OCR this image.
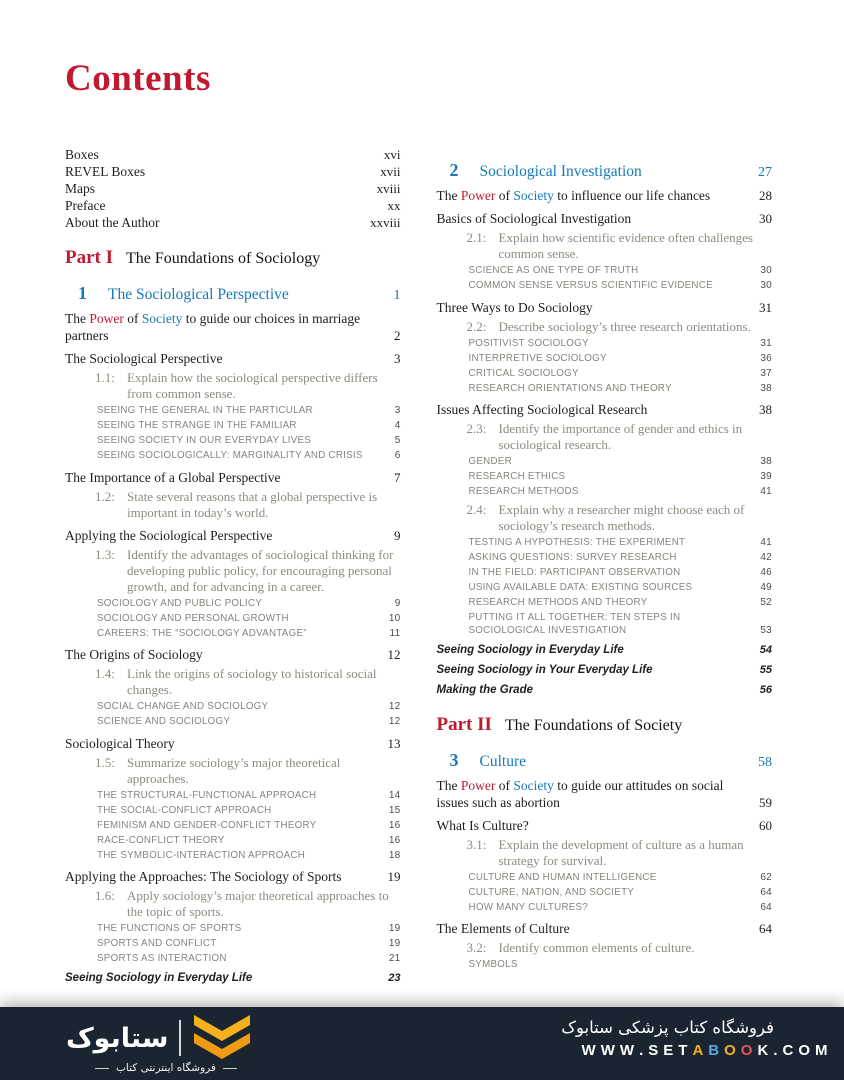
Contents
Boxes	xvi
REVEL Boxes	xvii
Maps	xviii
Preface	xx
About the Author	xxviii
Part I The Foundations of Sociology
1	The Sociological Perspective	1
The Power of Society to guide our choices in marriage partners	2
The Sociological Perspective	3
1.1: Explain how the sociological perspective differs from common sense.
SEEING THE GENERAL IN THE PARTICULAR	3
SEEING THE STRANGE IN THE FAMILIAR	4
SEEING SOCIETY IN OUR EVERYDAY LIVES	5
SEEING SOCIOLOGICALLY: MARGINALITY AND CRISIS	6
The Importance of a Global Perspective	7
1.2: State several reasons that a global perspective is important in today’s world.
Applying the Sociological Perspective	9
1.3: Identify the advantages of sociological thinking for developing public policy, for encouraging personal growth, and for advancing in a career.
SOCIOLOGY AND PUBLIC POLICY	9
SOCIOLOGY AND PERSONAL GROWTH	10
CAREERS: THE “SOCIOLOGY ADVANTAGE”	11
The Origins of Sociology	12
1.4: Link the origins of sociology to historical social changes.
SOCIAL CHANGE AND SOCIOLOGY	12
SCIENCE AND SOCIOLOGY	12
Sociological Theory	13
1.5: Summarize sociology’s major theoretical approaches.
THE STRUCTURAL-FUNCTIONAL APPROACH	14
THE SOCIAL-CONFLICT APPROACH	15
FEMINISM AND GENDER-CONFLICT THEORY	16
RACE-CONFLICT THEORY	16
THE SYMBOLIC-INTERACTION APPROACH	18
Applying the Approaches: The Sociology of Sports	19
1.6: Apply sociology’s major theoretical approaches to the topic of sports.
THE FUNCTIONS OF SPORTS	19
SPORTS AND CONFLICT	19
SPORTS AS INTERACTION	21
Seeing Sociology in Everyday Life	23
2	Sociological Investigation	27
The Power of Society to influence our life chances	28
Basics of Sociological Investigation	30
2.1: Explain how scientific evidence often challenges common sense.
SCIENCE AS ONE TYPE OF TRUTH	30
COMMON SENSE VERSUS SCIENTIFIC EVIDENCE	30
Three Ways to Do Sociology	31
2.2: Describe sociology’s three research orientations.
POSITIVIST SOCIOLOGY	31
INTERPRETIVE SOCIOLOGY	36
CRITICAL SOCIOLOGY	37
RESEARCH ORIENTATIONS AND THEORY	38
Issues Affecting Sociological Research	38
2.3: Identify the importance of gender and ethics in sociological research.
GENDER	38
RESEARCH ETHICS	39
RESEARCH METHODS	41
2.4: Explain why a researcher might choose each of sociology’s research methods.
TESTING A HYPOTHESIS: THE EXPERIMENT	41
ASKING QUESTIONS: SURVEY RESEARCH	42
IN THE FIELD: PARTICIPANT OBSERVATION	46
USING AVAILABLE DATA: EXISTING SOURCES	49
RESEARCH METHODS AND THEORY	52
PUTTING IT ALL TOGETHER: TEN STEPS IN SOCIOLOGICAL INVESTIGATION	53
Seeing Sociology in Everyday Life	54
Seeing Sociology in Your Everyday Life	55
Making the Grade	56
Part II The Foundations of Society
3	Culture	58
The Power of Society to guide our attitudes on social issues such as abortion	59
What Is Culture?	60
3.1: Explain the development of culture as a human strategy for survival.
CULTURE AND HUMAN INTELLIGENCE	62
CULTURE, NATION, AND SOCIETY	64
HOW MANY CULTURES?	64
The Elements of Culture	64
3.2: Identify common elements of culture.
SYMBOLS
ستابوک
فروشگاه اینترنتی کتاب
فروشگاه کتاب پزشکی ستابوک
W W W . S E T A B O O K . C O M
